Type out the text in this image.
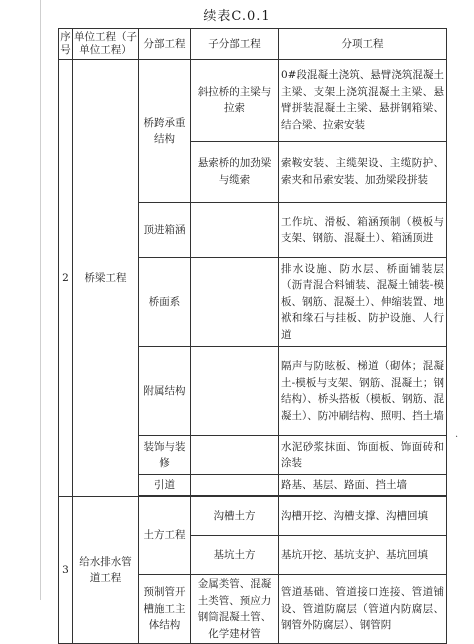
续表C.0.1
序号	单位工程（子单位工程）	分部工程	子分部工程	分项工程
2	桥梁工程	桥跨承重结构	斜拉桥的主梁与拉索	0#段混凝土浇筑、悬臂浇筑混凝土主梁、支架上浇筑混凝土主梁、悬臂拼装混凝土主梁、悬拼钢箱梁、结合梁、拉索安装
			悬索桥的加劲梁与缆索	索鞍安装、主缆架设、主缆防护、索夹和吊索安装、加劲梁段拼装
		顶进箱涵		工作坑、滑板、箱涵预制（模板与支架、钢筋、混凝土）、箱涵顶进
		桥面系		排水设施、防水层、桥面铺装层（沥青混合料铺装、混凝土铺装-模板、钢筋、混凝土）、伸缩装置、地袱和缘石与挂板、防护设施、人行道
		附属结构		隔声与防眩板、梯道（砌体；混凝土-模板与支架、钢筋、混凝土；钢结构）、桥头搭板（模板、钢筋、混凝土）、防冲刷结构、照明、挡土墙
		装饰与装修		水泥砂浆抹面、饰面板、饰面砖和涂装
		引道		路基、基层、路面、挡土墙

3	给水排水管道工程	土方工程	沟槽土方	沟槽开挖、沟槽支撑、沟槽回填
			基坑土方	基坑开挖、基坑支护、基坑回填
		预制管开槽施工主体结构	金属类管、混凝土类管、预应力钢筒混凝土管、化学建材管	管道基础、管道接口连接、管道铺设、管道防腐层（管道内防腐层、钢管外防腐层）、钢管阴
·
